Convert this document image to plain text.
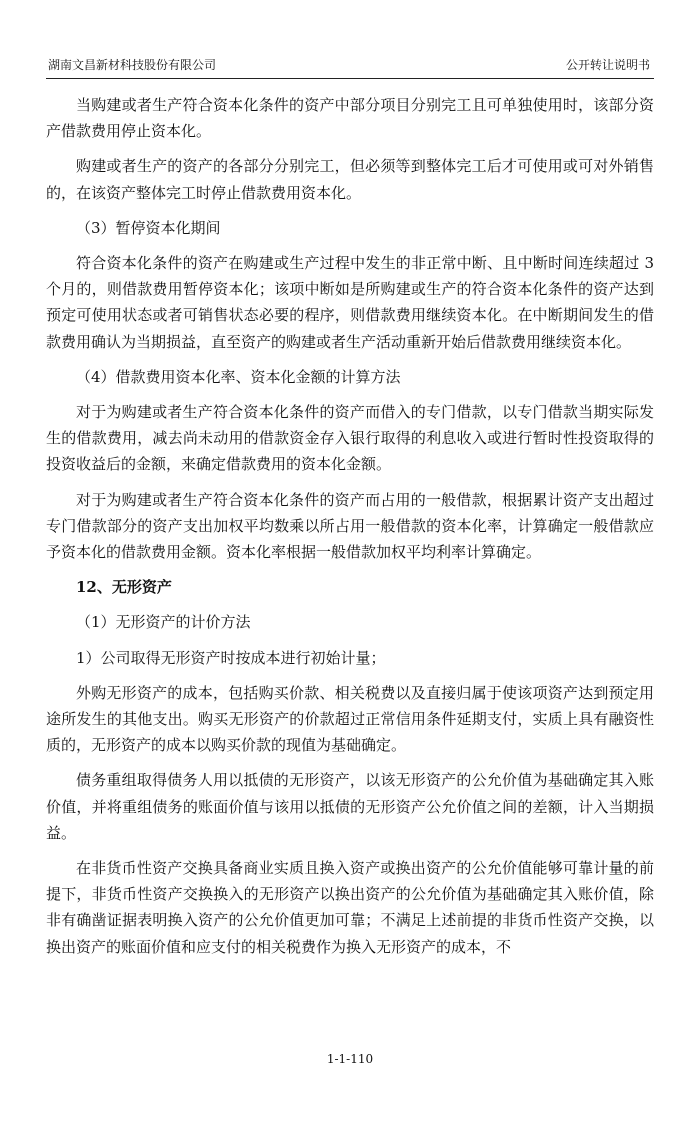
湖南文昌新材科技股份有限公司	公开转让说明书

当购建或者生产符合资本化条件的资产中部分项目分别完工且可单独使用时，该部分资产借款费用停止资本化。

购建或者生产的资产的各部分分别完工，但必须等到整体完工后才可使用或可对外销售的，在该资产整体完工时停止借款费用资本化。

（3）暂停资本化期间

符合资本化条件的资产在购建或生产过程中发生的非正常中断、且中断时间连续超过 3 个月的，则借款费用暂停资本化；该项中断如是所购建或生产的符合资本化条件的资产达到预定可使用状态或者可销售状态必要的程序，则借款费用继续资本化。在中断期间发生的借款费用确认为当期损益，直至资产的购建或者生产活动重新开始后借款费用继续资本化。

（4）借款费用资本化率、资本化金额的计算方法

对于为购建或者生产符合资本化条件的资产而借入的专门借款，以专门借款当期实际发生的借款费用，减去尚未动用的借款资金存入银行取得的利息收入或进行暂时性投资取得的投资收益后的金额，来确定借款费用的资本化金额。

对于为购建或者生产符合资本化条件的资产而占用的一般借款，根据累计资产支出超过专门借款部分的资产支出加权平均数乘以所占用一般借款的资本化率，计算确定一般借款应予资本化的借款费用金额。资本化率根据一般借款加权平均利率计算确定。

12、无形资产

（1）无形资产的计价方法

1）公司取得无形资产时按成本进行初始计量；

外购无形资产的成本，包括购买价款、相关税费以及直接归属于使该项资产达到预定用途所发生的其他支出。购买无形资产的价款超过正常信用条件延期支付，实质上具有融资性质的，无形资产的成本以购买价款的现值为基础确定。

债务重组取得债务人用以抵债的无形资产，以该无形资产的公允价值为基础确定其入账价值，并将重组债务的账面价值与该用以抵债的无形资产公允价值之间的差额，计入当期损益。

在非货币性资产交换具备商业实质且换入资产或换出资产的公允价值能够可靠计量的前提下，非货币性资产交换换入的无形资产以换出资产的公允价值为基础确定其入账价值，除非有确凿证据表明换入资产的公允价值更加可靠；不满足上述前提的非货币性资产交换，以换出资产的账面价值和应支付的相关税费作为换入无形资产的成本，不

1-1-110
